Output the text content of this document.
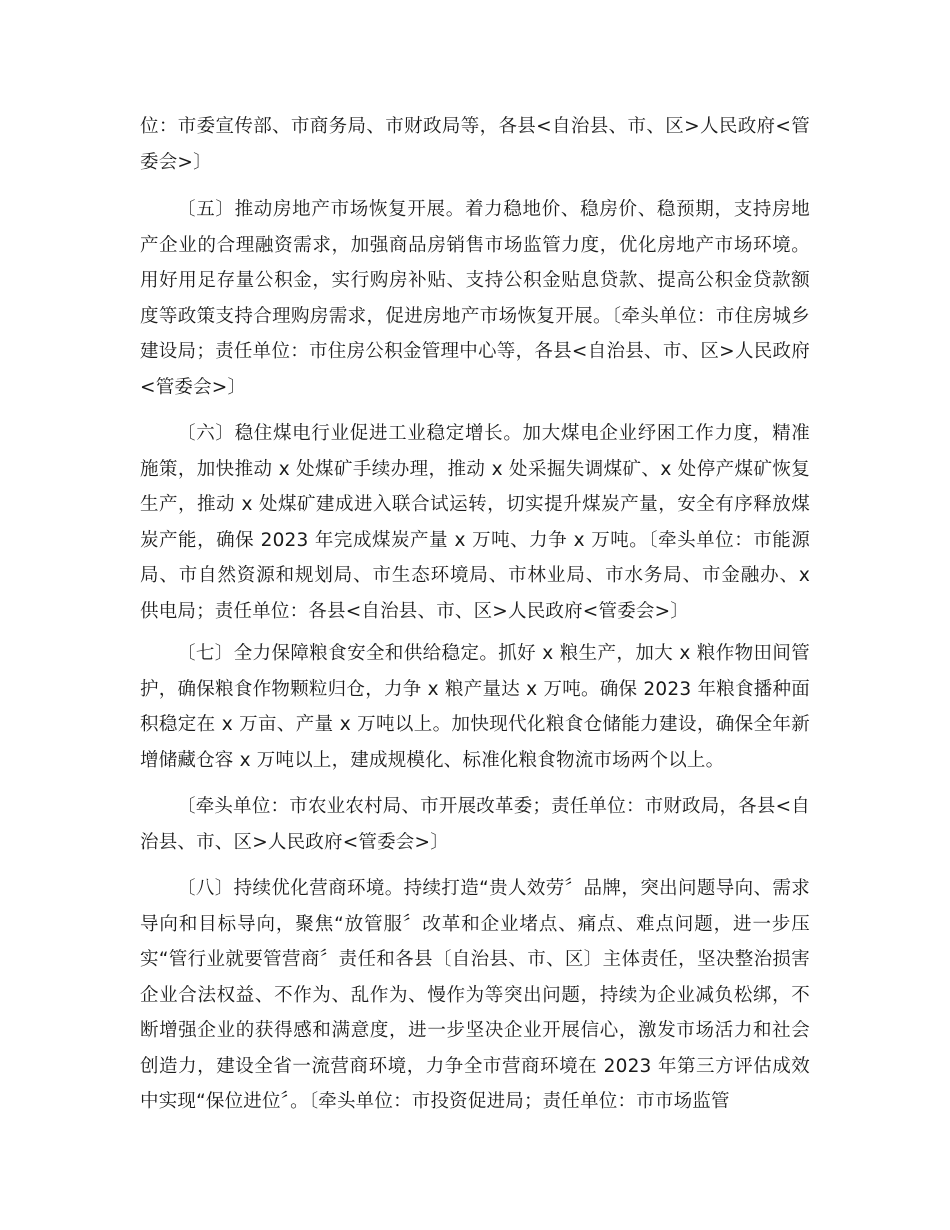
位：市委宣传部、市商务局、市财政局等，各县<自治县、市、区>人民政府<管委会>〕

〔五〕推动房地产市场恢复开展。着力稳地价、稳房价、稳预期，支持房地产企业的合理融资需求，加强商品房销售市场监管力度，优化房地产市场环境。用好用足存量公积金，实行购房补贴、支持公积金贴息贷款、提高公积金贷款额度等政策支持合理购房需求，促进房地产市场恢复开展。〔牵头单位：市住房城乡建设局；责任单位：市住房公积金管理中心等，各县<自治县、市、区>人民政府<管委会>〕

〔六〕稳住煤电行业促进工业稳定增长。加大煤电企业纾困工作力度，精准施策，加快推动 x 处煤矿手续办理，推动 x 处采掘失调煤矿、x 处停产煤矿恢复生产，推动 x 处煤矿建成进入联合试运转，切实提升煤炭产量，安全有序释放煤炭产能，确保 2023 年完成煤炭产量 x 万吨、力争 x 万吨。〔牵头单位：市能源局、市自然资源和规划局、市生态环境局、市林业局、市水务局、市金融办、x 供电局；责任单位：各县<自治县、市、区>人民政府<管委会>〕

〔七〕全力保障粮食安全和供给稳定。抓好 x 粮生产，加大 x 粮作物田间管护，确保粮食作物颗粒归仓，力争 x 粮产量达 x 万吨。确保 2023 年粮食播种面积稳定在 x 万亩、产量 x 万吨以上。加快现代化粮食仓储能力建设，确保全年新增储藏仓容 x 万吨以上，建成规模化、标准化粮食物流市场两个以上。

〔牵头单位：市农业农村局、市开展改革委；责任单位：市财政局，各县<自治县、市、区>人民政府<管委会>〕

〔八〕持续优化营商环境。持续打造“贵人效劳〞品牌，突出问题导向、需求导向和目标导向，聚焦“放管服〞改革和企业堵点、痛点、难点问题，进一步压实“管行业就要管营商〞责任和各县〔自治县、市、区〕主体责任，坚决整治损害企业合法权益、不作为、乱作为、慢作为等突出问题，持续为企业减负松绑，不断增强企业的获得感和满意度，进一步坚决企业开展信心，激发市场活力和社会创造力，建设全省一流营商环境，力争全市营商环境在 2023 年第三方评估成效中实现“保位进位〞。〔牵头单位：市投资促进局；责任单位：市市场监管
